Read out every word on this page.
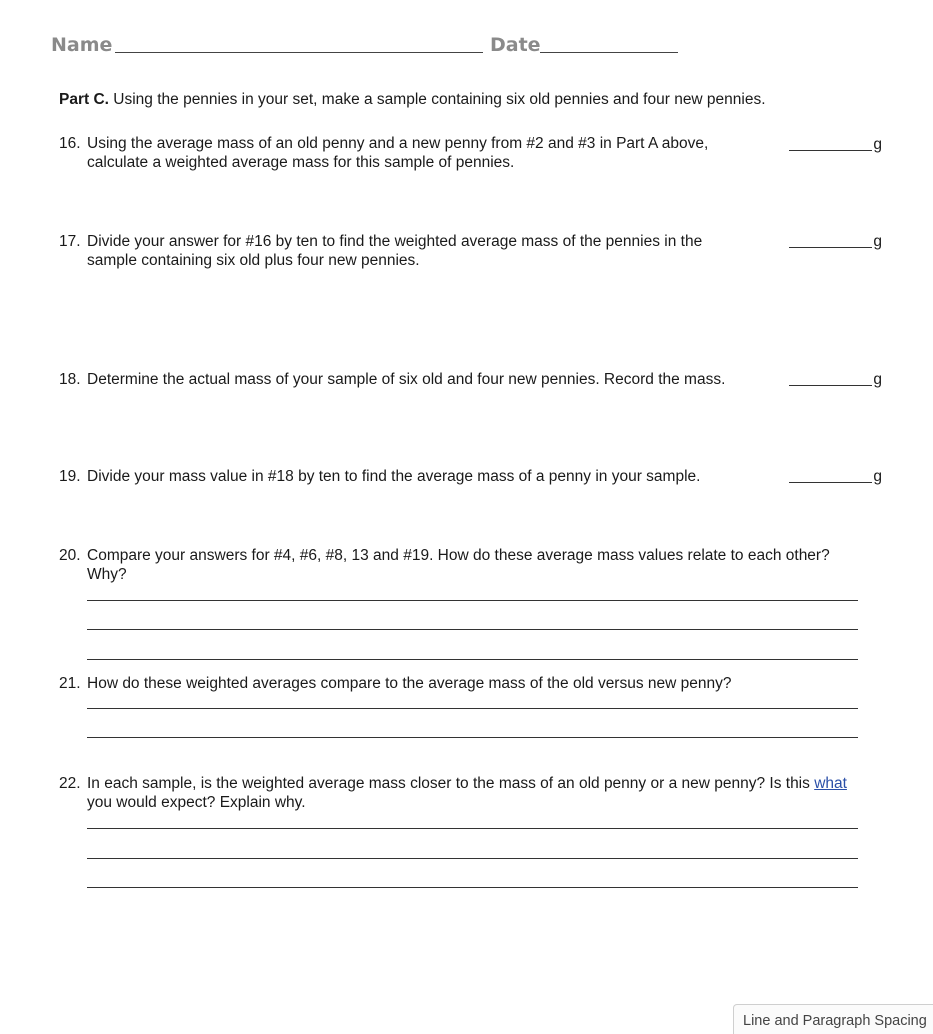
Name	Date
Part C. Using the pennies in your set, make a sample containing six old pennies and four new pennies.
16. Using the average mass of an old penny and a new penny from #2 and #3 in Part A above,
calculate a weighted average mass for this sample of pennies.
g
17. Divide your answer for #16 by ten to find the weighted average mass of the pennies in the
sample containing six old plus four new pennies.
g
18. Determine the actual mass of your sample of six old and four new pennies. Record the mass.	g
19. Divide your mass value in #18 by ten to find the average mass of a penny in your sample.	g
20. Compare your answers for #4, #6, #8, 13 and #19. How do these average mass values relate to each other?
Why?
21. How do these weighted averages compare to the average mass of the old versus new penny?
22. In each sample, is the weighted average mass closer to the mass of an old penny or a new penny? Is this what
you would expect? Explain why.
Line and Paragraph Spacing
